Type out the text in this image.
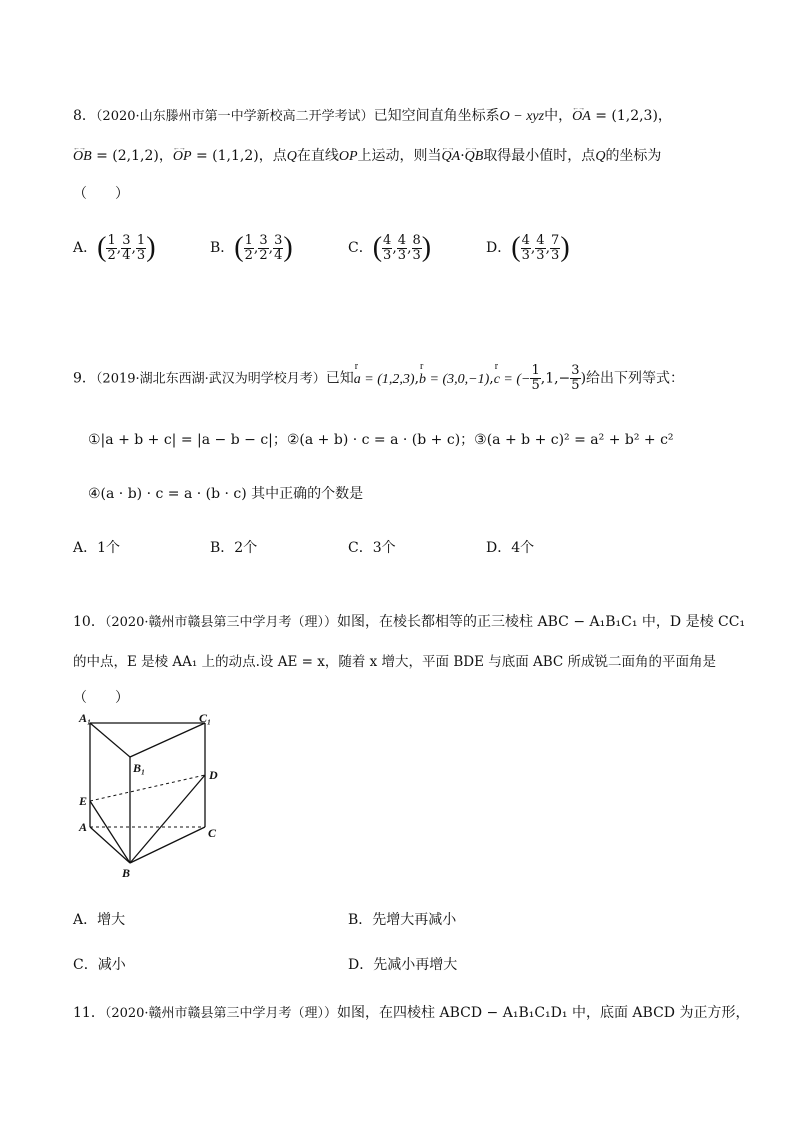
8．（2020·山东滕州市第一中学新校高二开学考试）已知空间直角坐标系O − xyz中，←→ OA = (1,2,3)，
←→ OB = (2,1,2)，←→ OP = (1,1,2)，点Q在直线OP上运动，则当←→ QA·←→ QB取得最小值时，点Q的坐标为
（　　）
A．( $\frac{1}{2}$ , $\frac{3}{4}$ , $\frac{1}{3}$ )	B．( $\frac{1}{2}$ , $\frac{3}{2}$ , $\frac{3}{4}$ )	C．( $\frac{4}{3}$ , $\frac{4}{3}$ , $\frac{8}{3}$ )	D．( $\frac{4}{3}$ , $\frac{4}{3}$ , $\frac{7}{3}$ )
9．（2019·湖北东西湖·武汉为明学校月考）已知r a = (1,2,3),r b = (3,0,−1),r c = (− $\frac{1}{5} ,1,- \frac{3}{5}$ )给出下列等式：
①|a + b + c| = |a − b − c|；②(a + b) · c = a · (b + c)；③(a + b + c)² = a² + b² + c²
④(a · b) · c = a · (b · c) 其中正确的个数是
A．1个	B．2个	C．3个	D．4个
10．（2020·赣州市赣县第三中学月考（理））如图，在棱长都相等的正三棱柱 ABC − A₁B₁C₁ 中，D 是棱 CC₁
的中点，E 是棱 AA₁ 上的动点.设 AE = x，随着 x 增大，平面 BDE 与底面 ABC 所成锐二面角的平面角是
（　　）
A₁	C₁
B₁	D
E
A	C
B
A．增大	B．先增大再减小
C．减小	D．先减小再增大
11．（2020·赣州市赣县第三中学月考（理））如图，在四棱柱 ABCD − A₁B₁C₁D₁ 中，底面 ABCD 为正方形，
